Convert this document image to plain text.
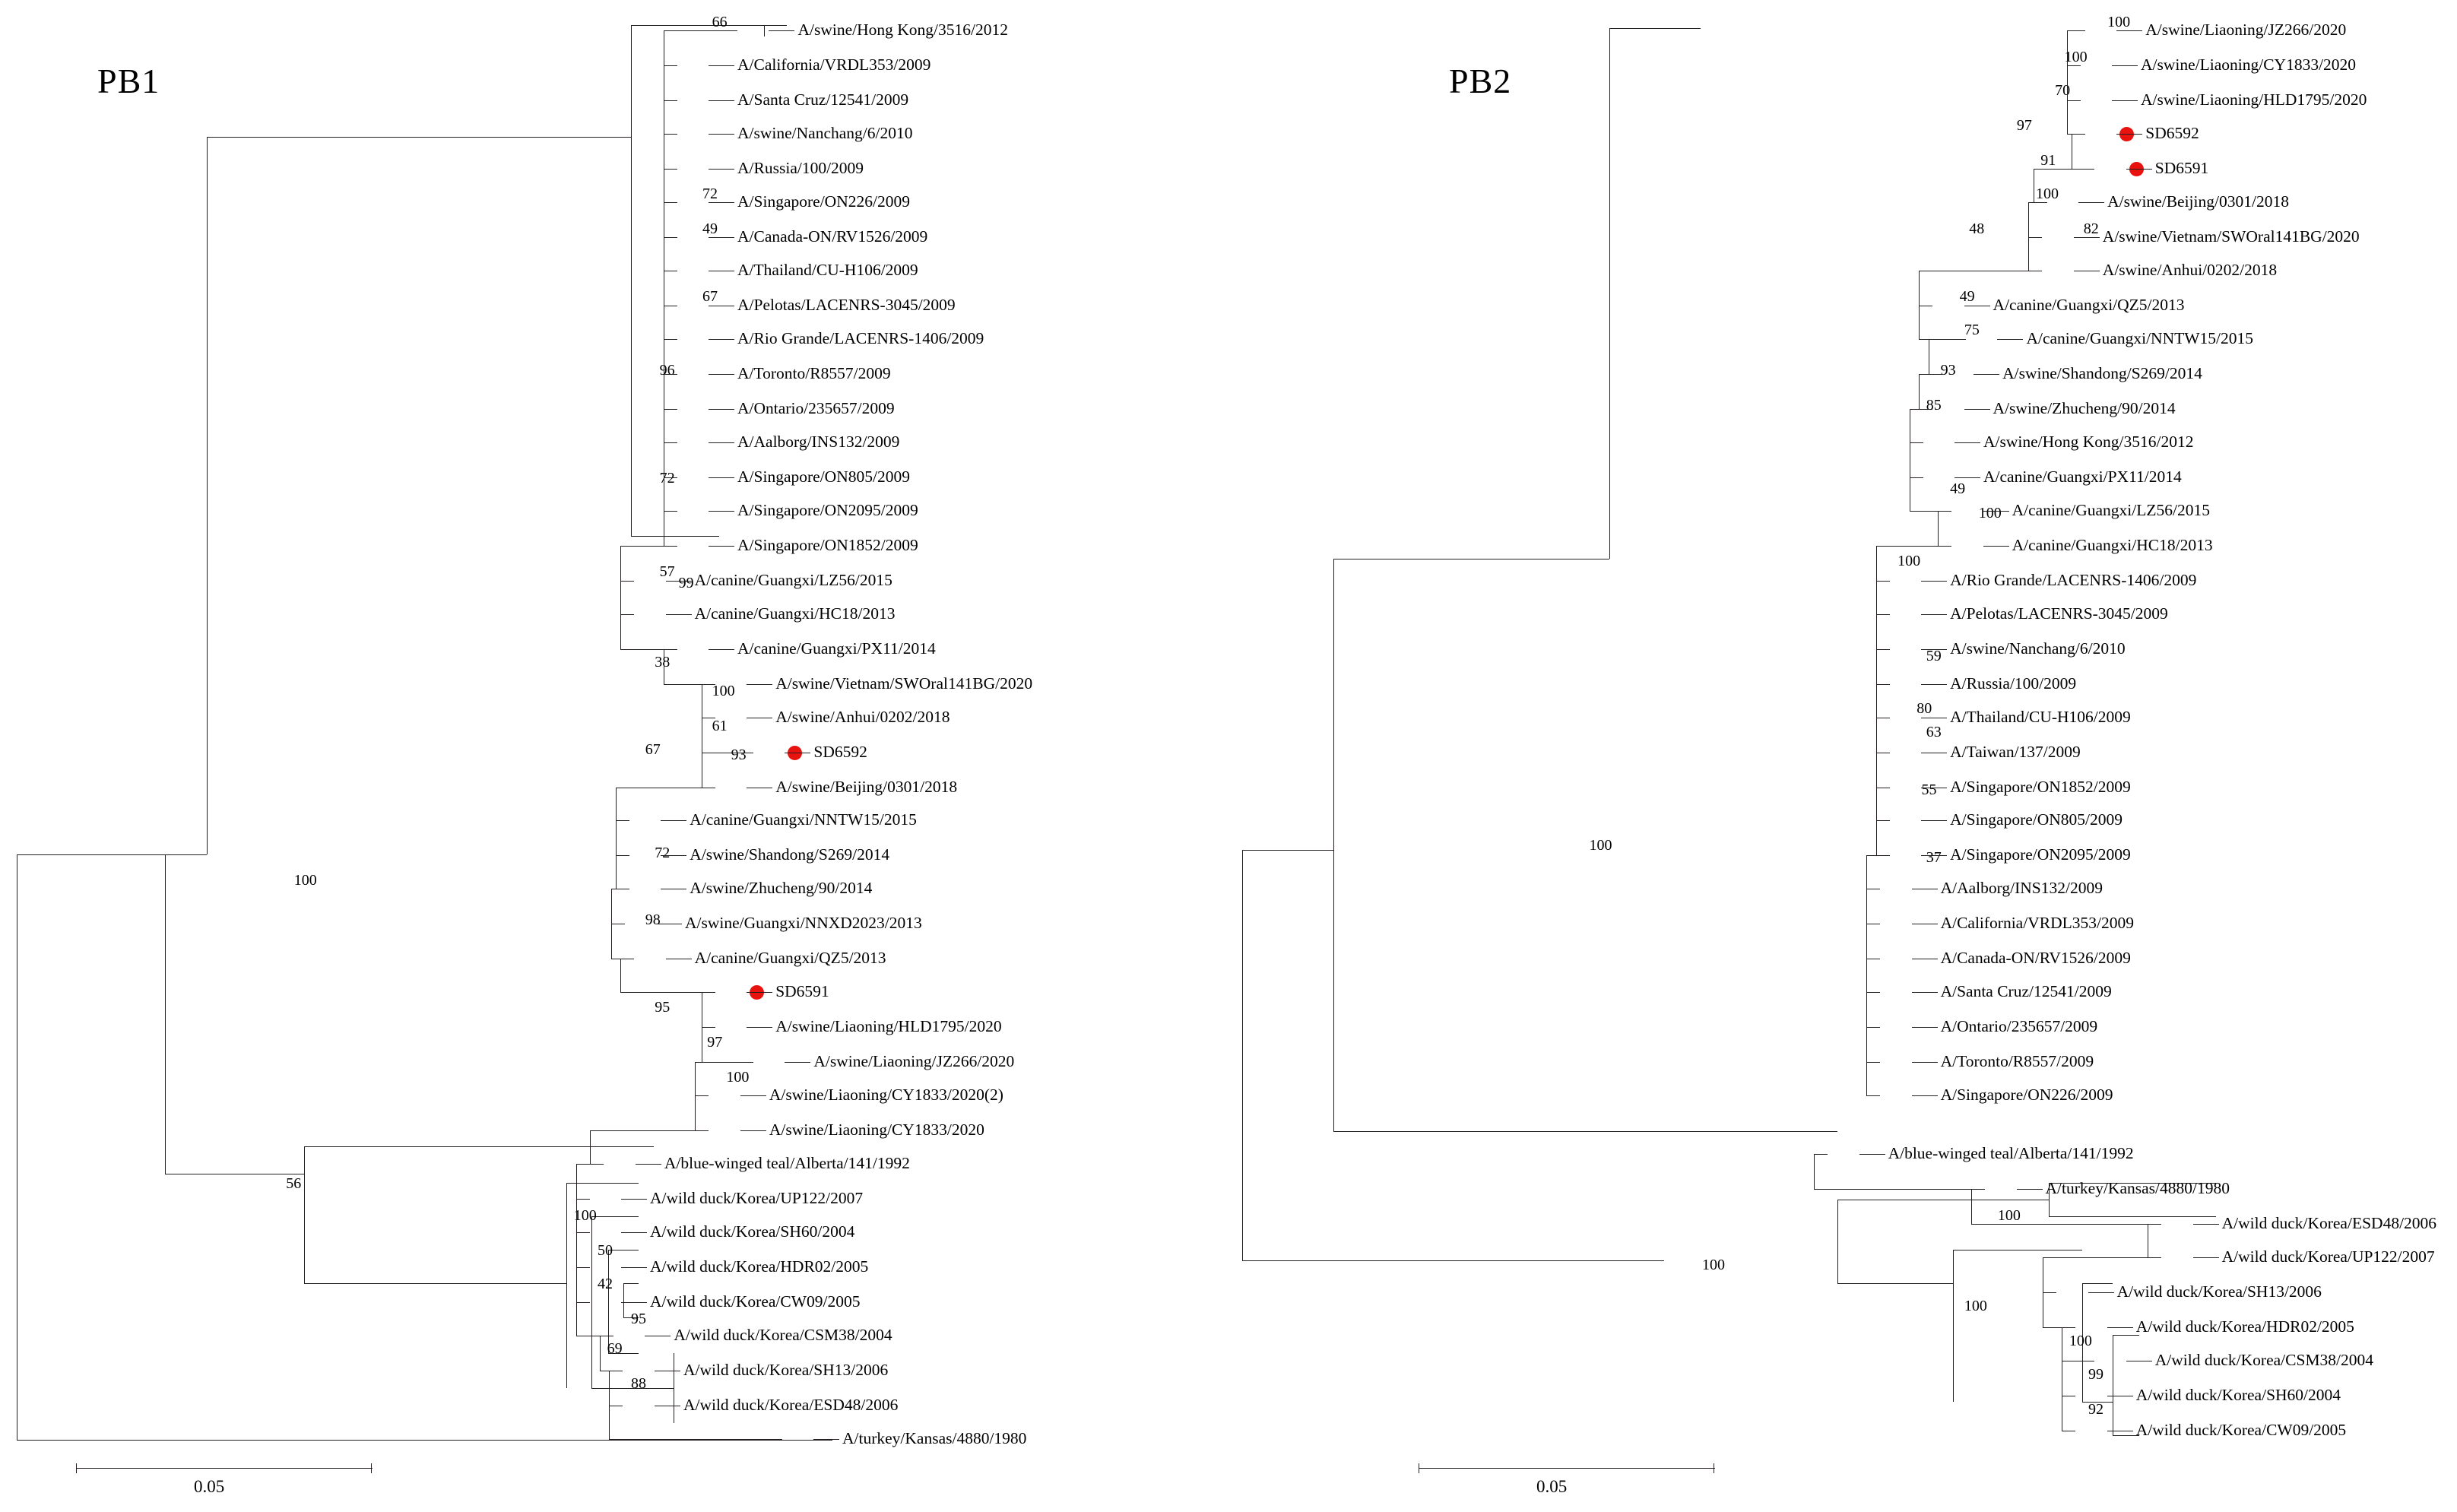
PB1
0.05
PB2
0.05
A/swine/Hong Kong/3516/2012
A/California/VRDL353/2009
A/Santa Cruz/12541/2009
A/swine/Nanchang/6/2010
A/Russia/100/2009
A/Singapore/ON226/2009
A/Canada-ON/RV1526/2009
A/Thailand/CU-H106/2009
A/Pelotas/LACENRS-3045/2009
A/Rio Grande/LACENRS-1406/2009
A/Toronto/R8557/2009
A/Ontario/235657/2009
A/Aalborg/INS132/2009
A/Singapore/ON805/2009
A/Singapore/ON2095/2009
A/Singapore/ON1852/2009
A/canine/Guangxi/LZ56/2015
A/canine/Guangxi/HC18/2013
A/canine/Guangxi/PX11/2014
A/swine/Vietnam/SWOral141BG/2020
A/swine/Anhui/0202/2018
SD6592
A/swine/Beijing/0301/2018
A/canine/Guangxi/NNTW15/2015
A/swine/Shandong/S269/2014
A/swine/Zhucheng/90/2014
A/swine/Guangxi/NNXD2023/2013
A/canine/Guangxi/QZ5/2013
SD6591
A/swine/Liaoning/HLD1795/2020
A/swine/Liaoning/JZ266/2020
A/swine/Liaoning/CY1833/2020(2)
A/swine/Liaoning/CY1833/2020
A/blue-winged teal/Alberta/141/1992
A/wild duck/Korea/UP122/2007
A/wild duck/Korea/SH60/2004
A/wild duck/Korea/HDR02/2005
A/wild duck/Korea/CW09/2005
A/wild duck/Korea/CSM38/2004
A/wild duck/Korea/SH13/2006
A/wild duck/Korea/ESD48/2006
A/turkey/Kansas/4880/1980
A/swine/Liaoning/JZ266/2020
A/swine/Liaoning/CY1833/2020
A/swine/Liaoning/HLD1795/2020
SD6592
SD6591
A/swine/Beijing/0301/2018
A/swine/Vietnam/SWOral141BG/2020
A/swine/Anhui/0202/2018
A/canine/Guangxi/QZ5/2013
A/canine/Guangxi/NNTW15/2015
A/swine/Shandong/S269/2014
A/swine/Zhucheng/90/2014
A/swine/Hong Kong/3516/2012
A/canine/Guangxi/PX11/2014
A/canine/Guangxi/LZ56/2015
A/canine/Guangxi/HC18/2013
A/Rio Grande/LACENRS-1406/2009
A/Pelotas/LACENRS-3045/2009
A/swine/Nanchang/6/2010
A/Russia/100/2009
A/Thailand/CU-H106/2009
A/Taiwan/137/2009
A/Singapore/ON1852/2009
A/Singapore/ON805/2009
A/Singapore/ON2095/2009
A/Aalborg/INS132/2009
A/California/VRDL353/2009
A/Canada-ON/RV1526/2009
A/Santa Cruz/12541/2009
A/Ontario/235657/2009
A/Toronto/R8557/2009
A/Singapore/ON226/2009
A/blue-winged teal/Alberta/141/1992
A/turkey/Kansas/4880/1980
A/wild duck/Korea/ESD48/2006
A/wild duck/Korea/UP122/2007
A/wild duck/Korea/SH13/2006
A/wild duck/Korea/HDR02/2005
A/wild duck/Korea/CSM38/2004
A/wild duck/Korea/SH60/2004
A/wild duck/Korea/CW09/2005
66
72
49
67
96
72
57
99
38
100
61
93
67
72
98
100
95
97
100
56
100
50
42
95
69
88
100
100
70
97
91
100
48	82
49
75
93
85
49
100
100
59
80
63
55
37
100
100
100
100
100
99
92
